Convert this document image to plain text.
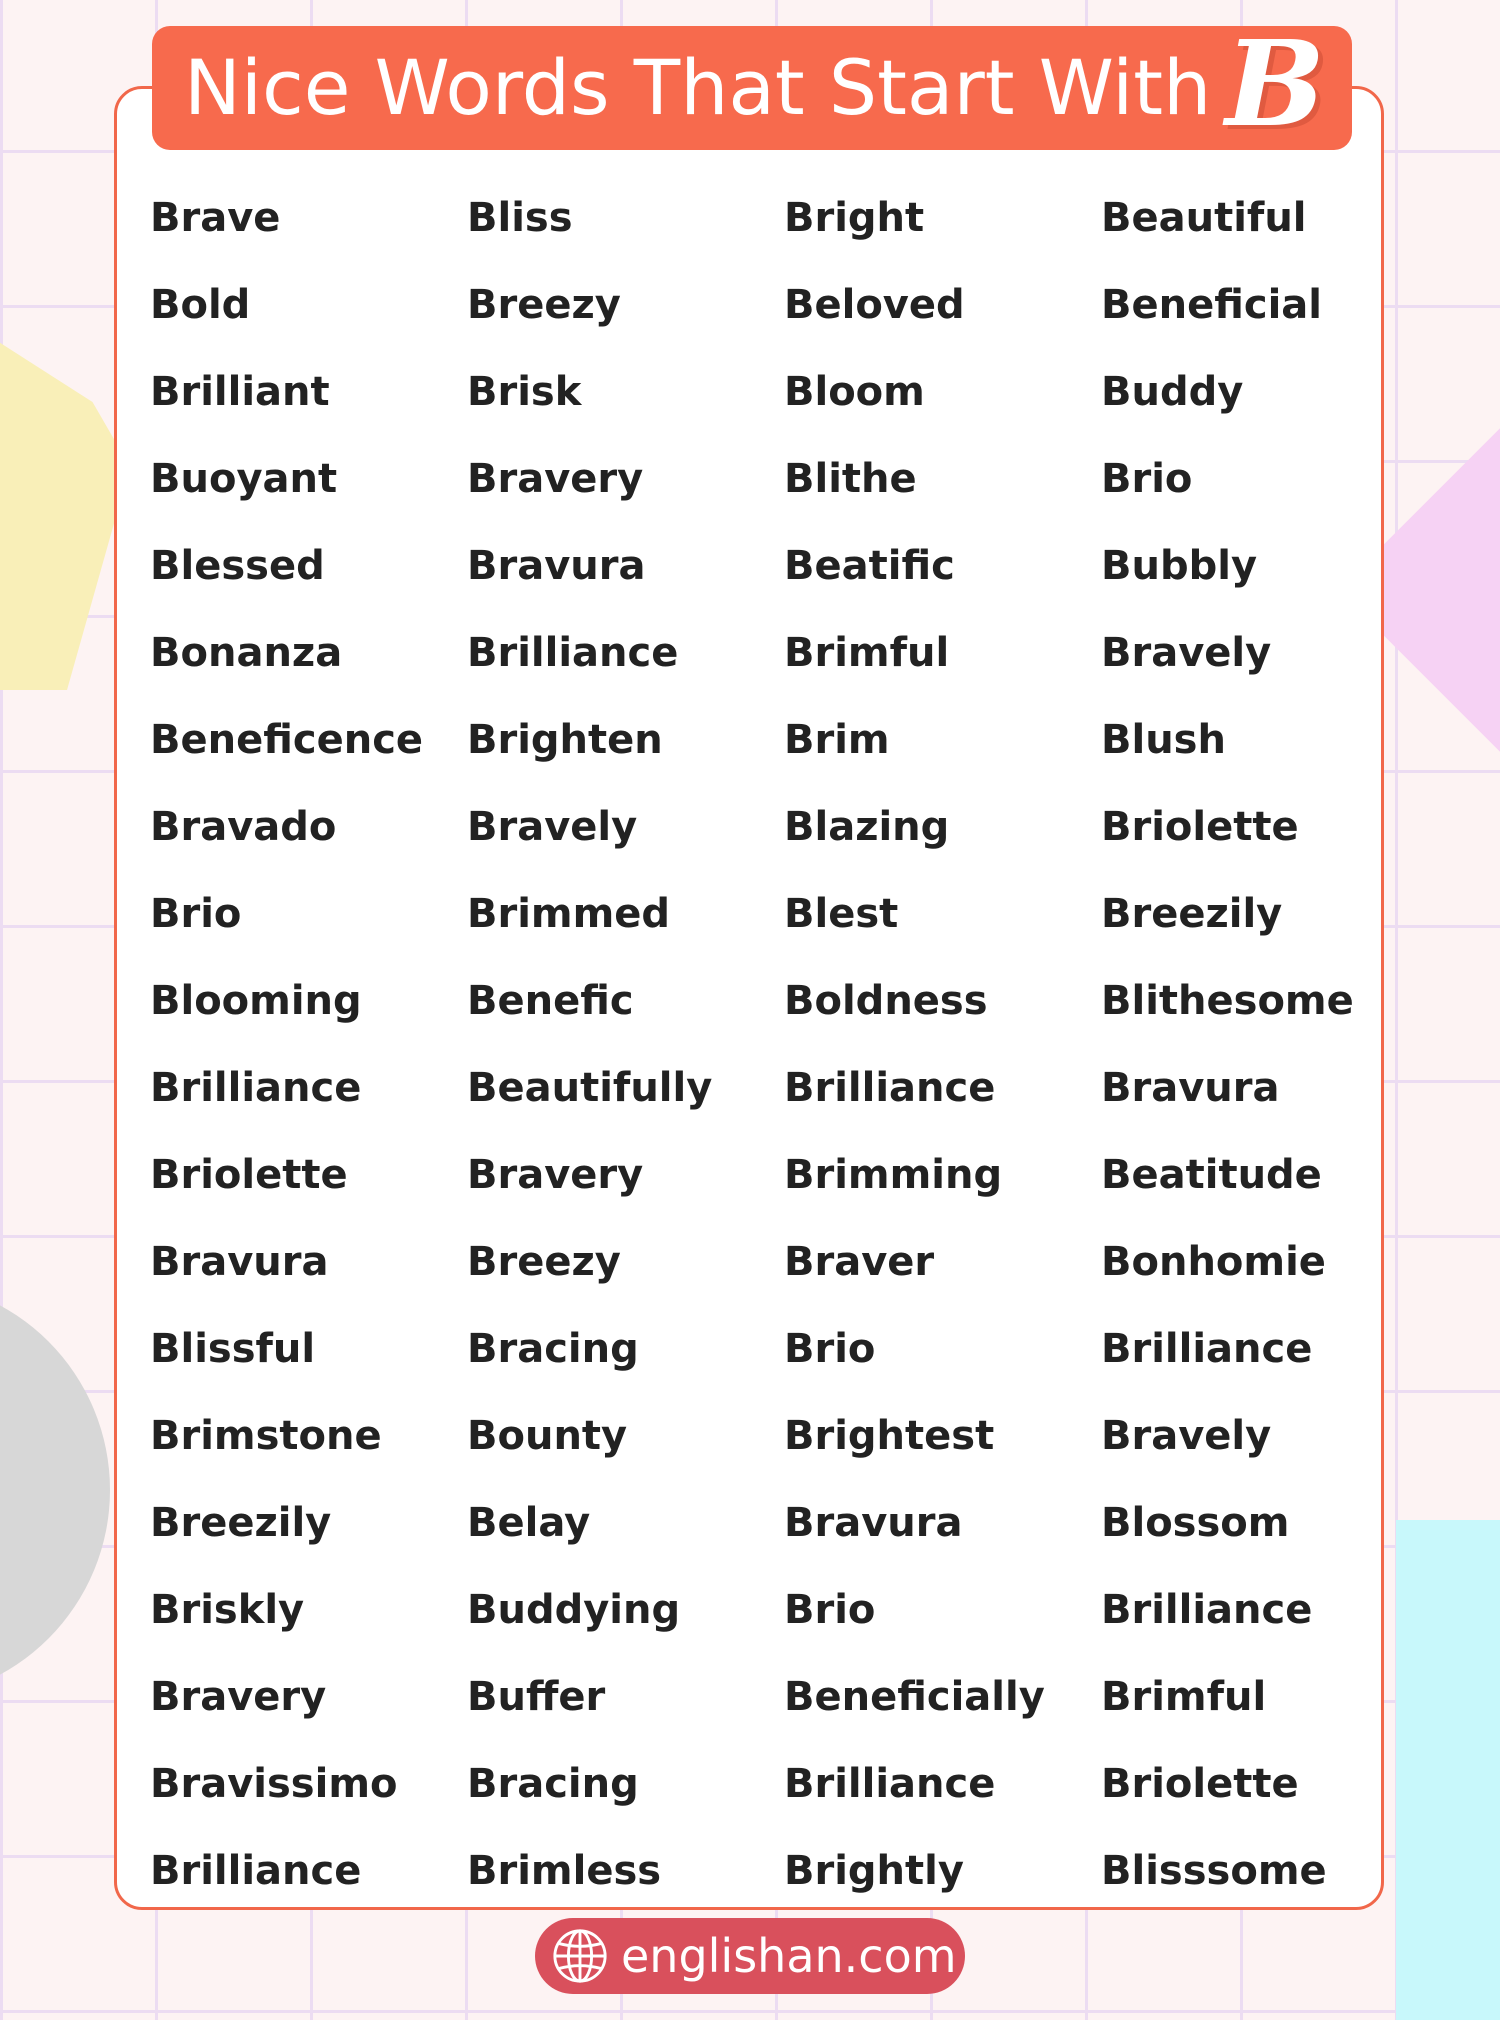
Nice Words That Start With B
Brave	Bliss	Bright	Beautiful
Bold	Breezy	Beloved	Beneficial
Brilliant	Brisk	Bloom	Buddy
Buoyant	Bravery	Blithe	Brio
Blessed	Bravura	Beatific	Bubbly
Bonanza	Brilliance	Brimful	Bravely
Beneficence	Brighten	Brim	Blush
Bravado	Bravely	Blazing	Briolette
Brio	Brimmed	Blest	Breezily
Blooming	Benefic	Boldness	Blithesome
Brilliance	Beautifully	Brilliance	Bravura
Briolette	Bravery	Brimming	Beatitude
Bravura	Breezy	Braver	Bonhomie
Blissful	Bracing	Brio	Brilliance
Brimstone	Bounty	Brightest	Bravely
Breezily	Belay	Bravura	Blossom
Briskly	Buddying	Brio	Brilliance
Bravery	Buffer	Beneficially	Brimful
Bravissimo	Bracing	Brilliance	Briolette
Brilliance	Brimless	Brightly	Blisssome
englishan.com
